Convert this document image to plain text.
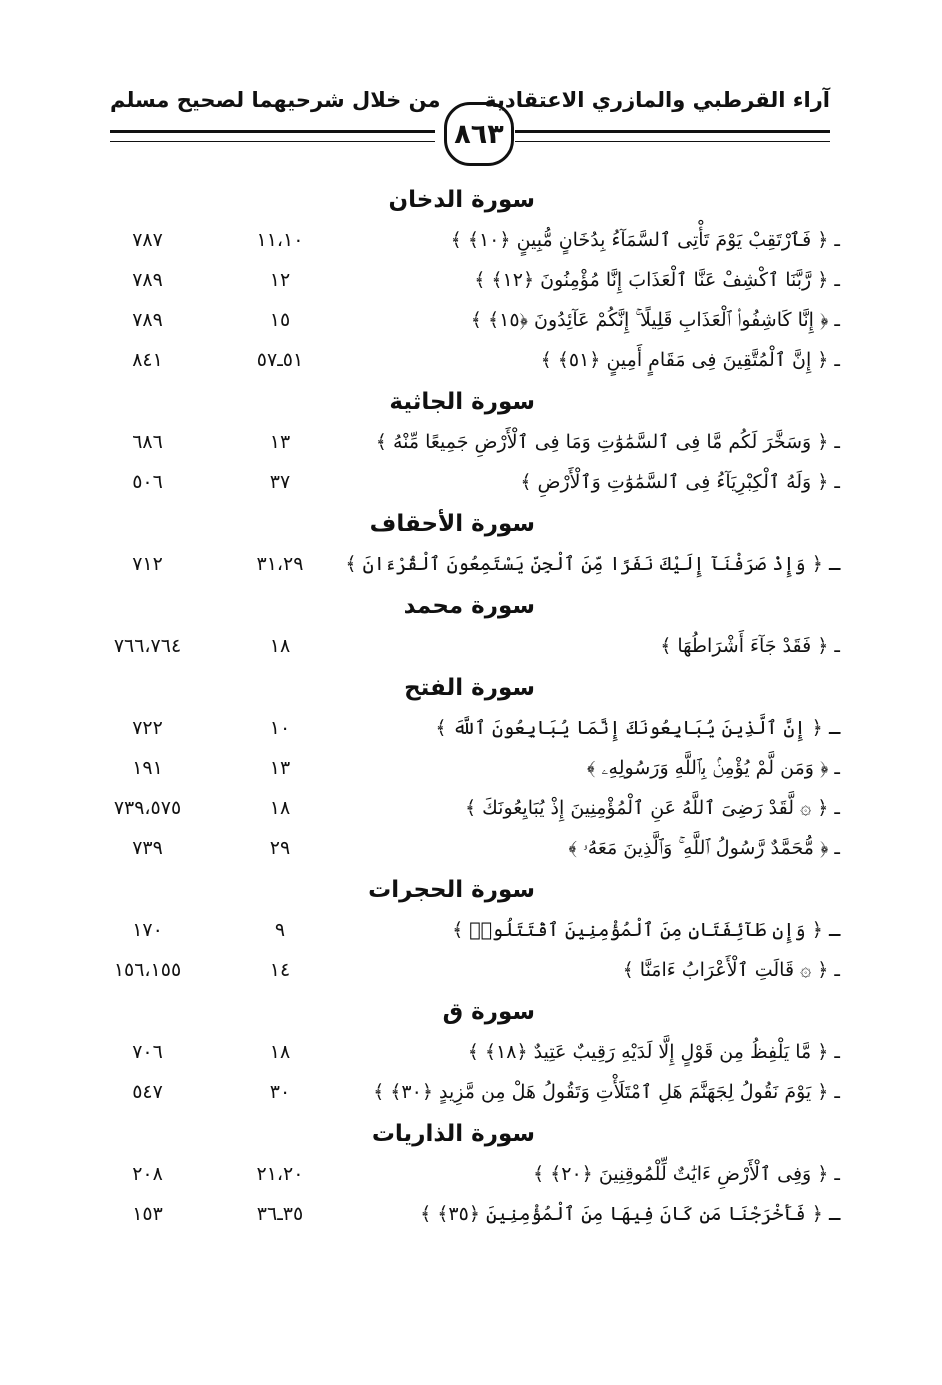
آراء القرطبي والمازري الاعتقادية
من خلال شرحيهما لصحيح مسلم
٨٦٣
سورة الدخان
ـ ﴿ فَٱرْتَقِبْ يَوْمَ تَأْتِى ٱلسَّمَآءُ بِدُخَانٍ مُّبِينٍ ﴿١٠﴾ ﴾
١١،١٠
٧٨٧
ـ ﴿ رَّبَّنَا ٱكْشِفْ عَنَّا ٱلْعَذَابَ إِنَّا مُؤْمِنُونَ ﴿١٢﴾ ﴾
١٢
٧٨٩
ـ ﴿ إِنَّا كَاشِفُوا۟ ٱلْعَذَابِ قَلِيلًا ۚ إِنَّكُمْ عَآئِدُونَ ﴿١٥﴾ ﴾
١٥
٧٨٩
ـ ﴿ إِنَّ ٱلْمُتَّقِينَ فِى مَقَامٍ أَمِينٍ ﴿٥١﴾ ﴾
٥١ـ٥٧
٨٤١
سورة الجاثية
ـ ﴿ وَسَخَّرَ لَكُم مَّا فِى ٱلسَّمَٰوَٰتِ وَمَا فِى ٱلْأَرْضِ جَمِيعًا مِّنْهُ ﴾
١٣
٦٨٦
ـ ﴿ وَلَهُ ٱلْكِبْرِيَآءُ فِى ٱلسَّمَٰوَٰتِ وَٱلْأَرْضِ ﴾
٣٧
٥٠٦
سورة الأحقاف
ـ ﴿ وَإِذْ صَرَفْنَآ إِلَيْكَ نَفَرًا مِّنَ ٱلْجِنِّ يَسْتَمِعُونَ ٱلْقُرْءَانَ ﴾
٣١،٢٩
٧١٢
سورة محمد
ـ ﴿ فَقَدْ جَآءَ أَشْرَاطُهَا ﴾
١٨
٧٦٦،٧٦٤
سورة الفتح
ـ ﴿ إِنَّ ٱلَّذِينَ يُبَايِعُونَكَ إِنَّمَا يُبَايِعُونَ ٱللَّهَ ﴾
١٠
٧٢٢
ـ ﴿ وَمَن لَّمْ يُؤْمِنۢ بِٱللَّهِ وَرَسُولِهِۦ ﴾
١٣
١٩١
ـ ﴿ ۞ لَّقَدْ رَضِىَ ٱللَّهُ عَنِ ٱلْمُؤْمِنِينَ إِذْ يُبَايِعُونَكَ ﴾
١٨
٧٣٩،٥٧٥
ـ ﴿ مُّحَمَّدٌ رَّسُولُ ٱللَّهِ ۚ وَٱلَّذِينَ مَعَهُۥ ﴾
٢٩
٧٣٩
سورة الحجرات
ـ ﴿ وَإِن طَآئِفَتَانِ مِنَ ٱلْمُؤْمِنِينَ ٱقْتَتَلُوا۟ ﴾
٩
١٧٠
ـ ﴿ ۞ قَالَتِ ٱلْأَعْرَابُ ءَامَنَّا ﴾
١٤
١٥٦،١٥٥
سورة ق
ـ ﴿ مَّا يَلْفِظُ مِن قَوْلٍ إِلَّا لَدَيْهِ رَقِيبٌ عَتِيدٌ ﴿١٨﴾ ﴾
١٨
٧٠٦
ـ ﴿ يَوْمَ نَقُولُ لِجَهَنَّمَ هَلِ ٱمْتَلَأْتِ وَتَقُولُ هَلْ مِن مَّزِيدٍ ﴿٣٠﴾ ﴾
٣٠
٥٤٧
سورة الذاريات
ـ ﴿ وَفِى ٱلْأَرْضِ ءَايَٰتٌ لِّلْمُوقِنِينَ ﴿٢٠﴾ ﴾
٢١،٢٠
٢٠٨
ـ ﴿ فَأَخْرَجْنَا مَن كَانَ فِيهَا مِنَ ٱلْمُؤْمِنِينَ ﴿٣٥﴾ ﴾
٣٥ـ٣٦
١٥٣
